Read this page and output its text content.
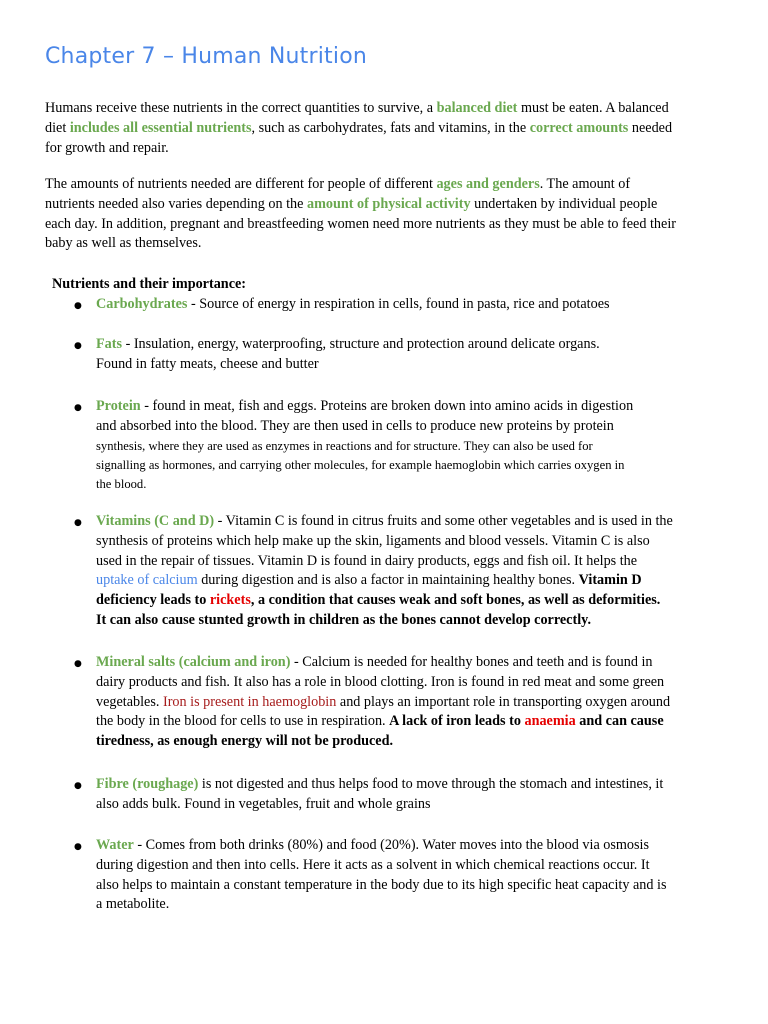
Chapter 7 – Human Nutrition
Humans receive these nutrients in the correct quantities to survive, a balanced diet must be eaten. A balanced
diet includes all essential nutrients, such as carbohydrates, fats and vitamins, in the correct amounts needed
for growth and repair.
The amounts of nutrients needed are different for people of different ages and genders. The amount of
nutrients needed also varies depending on the amount of physical activity undertaken by individual people
each day. In addition, pregnant and breastfeeding women need more nutrients as they must be able to feed their
baby as well as themselves.
Nutrients and their importance:
●
Carbohydrates - Source of energy in respiration in cells, found in pasta, rice and potatoes
●
Fats - Insulation, energy, waterproofing, structure and protection around delicate organs.
Found in fatty meats, cheese and butter
●
Protein - found in meat, fish and eggs. Proteins are broken down into amino acids in digestion
and absorbed into the blood. They are then used in cells to produce new proteins by protein
synthesis, where they are used as enzymes in reactions and for structure. They can also be used for
signalling as hormones, and carrying other molecules, for example haemoglobin which carries oxygen in
the blood.
●
Vitamins (C and D) - Vitamin C is found in citrus fruits and some other vegetables and is used in the
synthesis of proteins which help make up the skin, ligaments and blood vessels. Vitamin C is also
used in the repair of tissues. Vitamin D is found in dairy products, eggs and fish oil. It helps the
uptake of calcium during digestion and is also a factor in maintaining healthy bones. Vitamin D
deficiency leads to rickets, a condition that causes weak and soft bones, as well as deformities.
It can also cause stunted growth in children as the bones cannot develop correctly.
●
Mineral salts (calcium and iron) - Calcium is needed for healthy bones and teeth and is found in
dairy products and fish. It also has a role in blood clotting. Iron is found in red meat and some green
vegetables. Iron is present in haemoglobin and plays an important role in transporting oxygen around
the body in the blood for cells to use in respiration. A lack of iron leads to anaemia and can cause
tiredness, as enough energy will not be produced.
●
Fibre (roughage) is not digested and thus helps food to move through the stomach and intestines, it
also adds bulk. Found in vegetables, fruit and whole grains
●
Water - Comes from both drinks (80%) and food (20%). Water moves into the blood via osmosis
during digestion and then into cells. Here it acts as a solvent in which chemical reactions occur. It
also helps to maintain a constant temperature in the body due to its high specific heat capacity and is
a metabolite.
